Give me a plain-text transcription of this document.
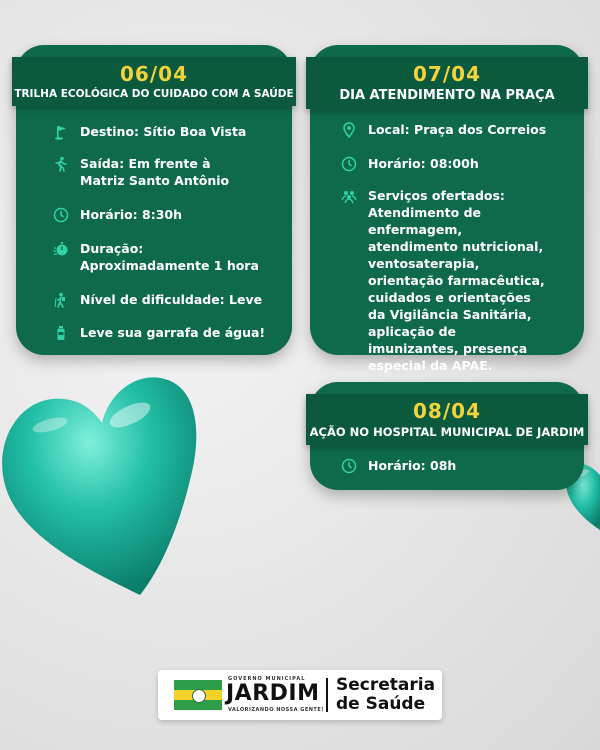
06/04
TRILHA ECOLÓGICA DO CUIDADO COM A SAÚDE
Destino: Sítio Boa Vista
Saída: Em frente à Matriz Santo Antônio
Horário: 8:30h
Duração: Aproximadamente 1 hora
Nível de dificuldade: Leve
Leve sua garrafa de água!
07/04
DIA ATENDIMENTO NA PRAÇA
Local: Praça dos Correios
Horário: 08:00h
Serviços ofertados: Atendimento de enfermagem, atendimento nutricional, ventosaterapia, orientação farmacêutica, cuidados e orientações da Vigilância Sanitária, aplicação de imunizantes, presença especial da APAE.
08/04
AÇÃO NO HOSPITAL MUNICIPAL DE JARDIM
Horário: 08h
GOVERNO MUNICIPAL
JARDIM
VALORIZANDO NOSSA GENTE!
Secretaria de Saúde
